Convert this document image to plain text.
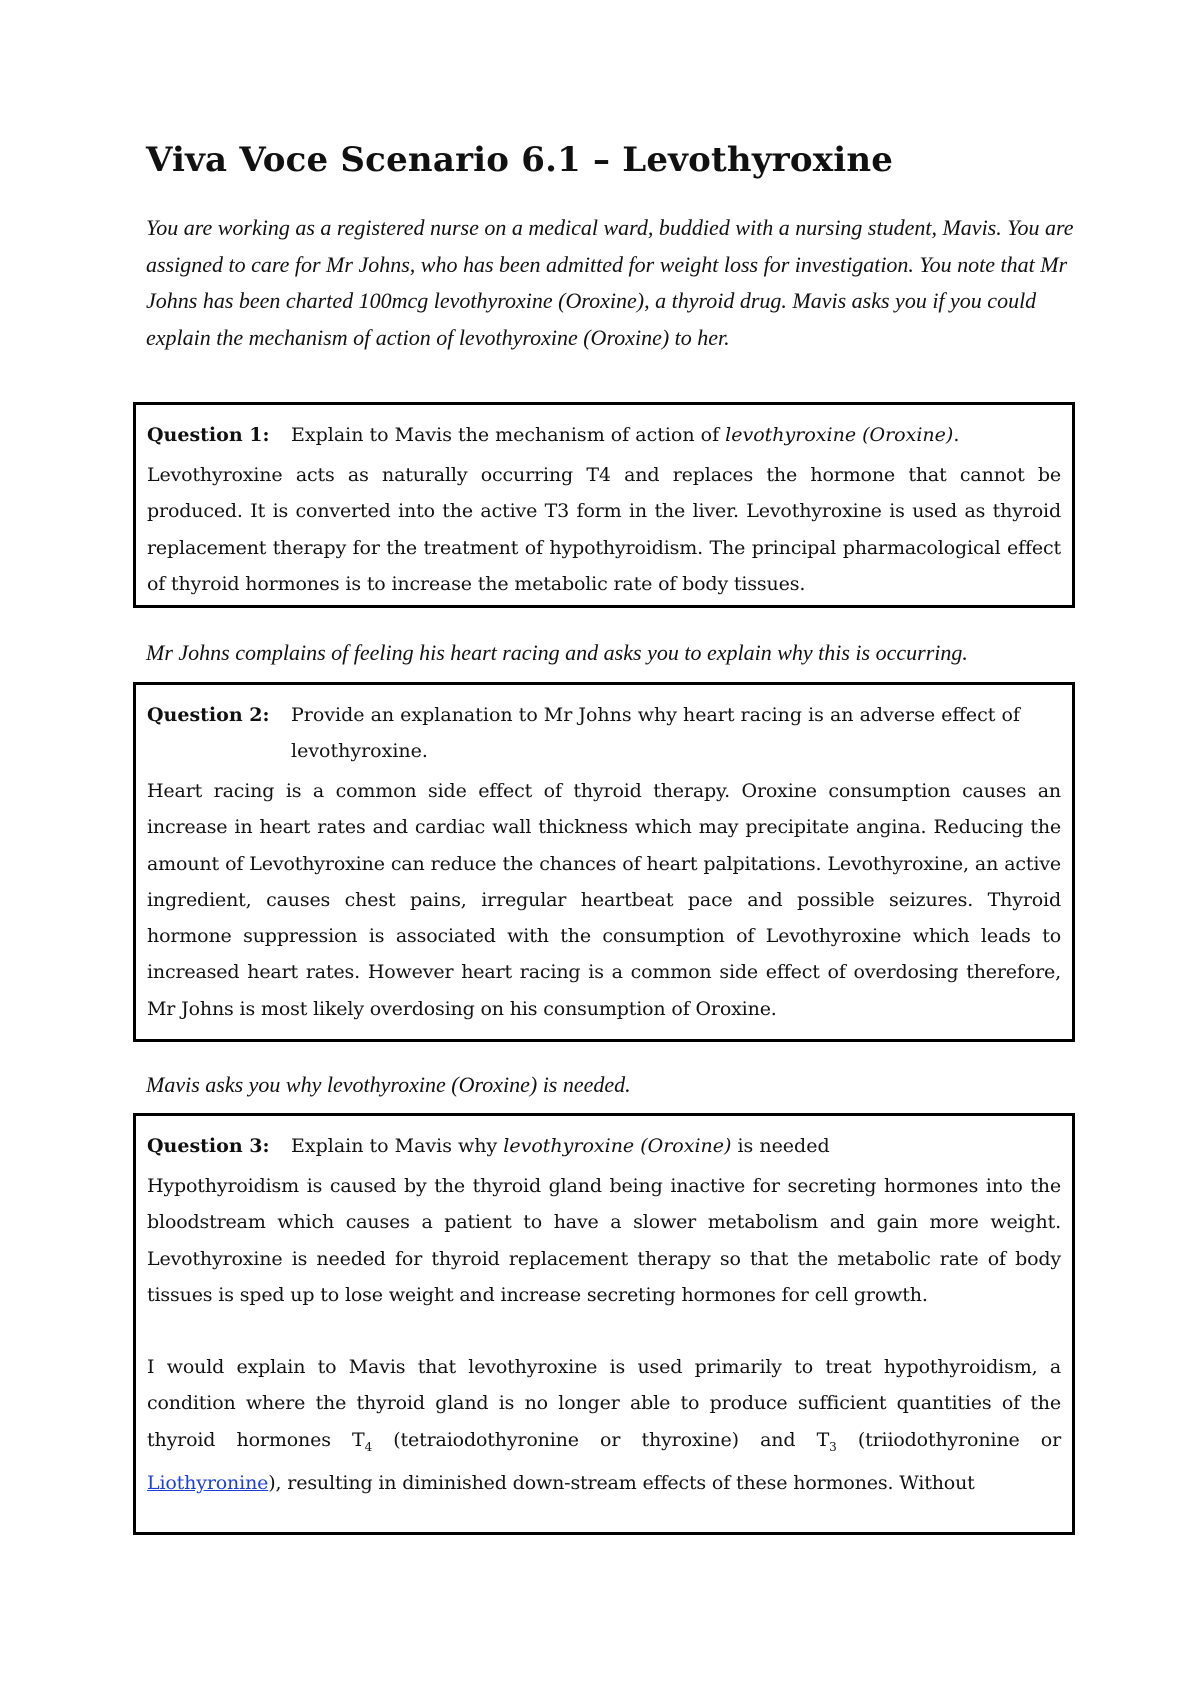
Viva Voce Scenario 6.1 – Levothyroxine

You are working as a registered nurse on a medical ward, buddied with a nursing student, Mavis. You are assigned to care for Mr Johns, who has been admitted for weight loss for investigation. You note that Mr Johns has been charted 100mcg levothyroxine (Oroxine), a thyroid drug. Mavis asks you if you could explain the mechanism of action of levothyroxine (Oroxine) to her.

Question 1:	Explain to Mavis the mechanism of action of levothyroxine (Oroxine).

Levothyroxine acts as naturally occurring T4 and replaces the hormone that cannot be produced. It is converted into the active T3 form in the liver. Levothyroxine is used as thyroid replacement therapy for the treatment of hypothyroidism. The principal pharmacological effect of thyroid hormones is to increase the metabolic rate of body tissues.

Mr Johns complains of feeling his heart racing and asks you to explain why this is occurring.

Question 2:	Provide an explanation to Mr Johns why heart racing is an adverse effect of levothyroxine.

Heart racing is a common side effect of thyroid therapy. Oroxine consumption causes an increase in heart rates and cardiac wall thickness which may precipitate angina. Reducing the amount of Levothyroxine can reduce the chances of heart palpitations. Levothyroxine, an active ingredient, causes chest pains, irregular heartbeat pace and possible seizures. Thyroid hormone suppression is associated with the consumption of Levothyroxine which leads to increased heart rates. However heart racing is a common side effect of overdosing therefore, Mr Johns is most likely overdosing on his consumption of Oroxine.

Mavis asks you why levothyroxine (Oroxine) is needed.

Question 3:	Explain to Mavis why levothyroxine (Oroxine) is needed

Hypothyroidism is caused by the thyroid gland being inactive for secreting hormones into the bloodstream which causes a patient to have a slower metabolism and gain more weight. Levothyroxine is needed for thyroid replacement therapy so that the metabolic rate of body tissues is sped up to lose weight and increase secreting hormones for cell growth.

I would explain to Mavis that levothyroxine is used primarily to treat hypothyroidism, a condition where the thyroid gland is no longer able to produce sufficient quantities of the thyroid hormones $T_4$ (tetraiodothyronine or thyroxine) and $T_3$ (triiodothyronine or Liothyronine), resulting in diminished down-stream effects of these hormones. Without
